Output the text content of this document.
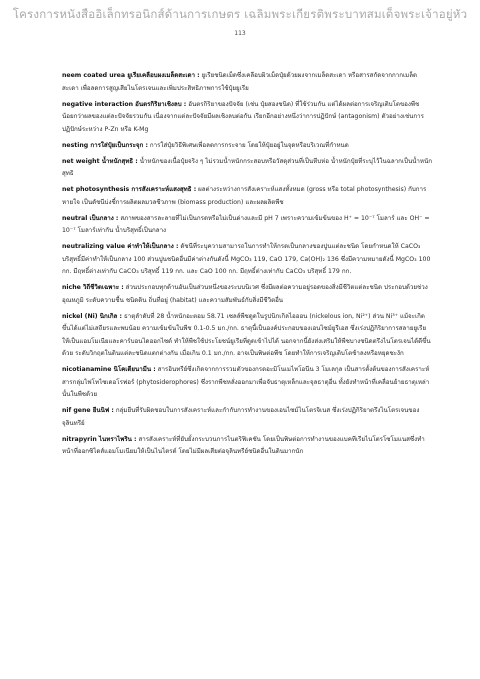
โครงการหนังสืออิเล็กทรอนิกส์ด้านการเกษตร เฉลิมพระเกียรติพระบาทสมเด็จพระเจ้าอยู่หัว
113

neem coated urea ยูเรียเคลือบผงเมล็ดสะเดา : ยูเรียชนิดเม็ดซึ่งเคลือบผิวเม็ดปุ๋ยด้วยผงจากเมล็ดสะเดา หรือสารสกัดจากกากเมล็ดสะเดา เพื่อลดการสูญเสียไนโตรเจนและเพิ่มประสิทธิภาพการใช้ปุ๋ยยูเรีย

negative interaction อันตรกิริยาเชิงลบ : อันตรกิริยาของปัจจัย (เช่น ปุ๋ยสองชนิด) ที่ใช้ร่วมกัน แต่ได้ผลต่อการเจริญเติบโตของพืช น้อยกว่าผลของแต่ละปัจจัยรวมกัน เนื่องจากแต่ละปัจจัยมีผลเชิงลบต่อกัน เรียกอีกอย่างหนึ่งว่าการปฏิปักษ์ (antagonism) ตัวอย่างเช่นการปฏิปักษ์ระหว่าง P-Zn หรือ K-Mg

nesting การใส่ปุ๋ยเป็นกระจุก : การใส่ปุ๋ยวิธีพิเศษเพื่อลดการกระจาย โดยให้ปุ๋ยอยู่ในจุดหรือบริเวณที่กำหนด

net weight น้ำหนักสุทธิ : น้ำหนักของเนื้อปุ๋ยจริง ๆ ไม่รวมน้ำหนักกระสอบหรือวัสดุส่วนที่เป็นหีบห่อ น้ำหนักปุ๋ยที่ระบุไว้ในฉลากเป็นน้ำหนักสุทธิ

net photosynthesis การสังเคราะห์แสงสุทธิ : ผลต่างระหว่างการสังเคราะห์แสงทั้งหมด (gross หรือ total photosynthesis) กับการหายใจ เป็นดัชนีบ่งชี้การผลิตผลมวลชีวภาพ (biomass production) และผลผลิตพืช

neutral เป็นกลาง : สภาพของสารละลายที่ไม่เป็นกรดหรือไม่เป็นด่างและมี pH 7 เพราะความเข้มข้นของ H⁺ = 10⁻⁷ โมลาร์ และ OH⁻ = 10⁻⁷ โมลาร์เท่ากัน น้ำบริสุทธิ์เป็นกลาง

neutralizing value ค่าทำให้เป็นกลาง : ดัชนีที่ระบุความสามารถในการทำให้กรดเป็นกลางของปูนแต่ละชนิด โดยกำหนดให้ CaCO₃ บริสุทธิ์มีค่าทำให้เป็นกลาง 100 ส่วนปูนชนิดอื่นมีค่าต่างกันดังนี้ MgCO₃ 119, CaO 179, Ca(OH)₂ 136 ซึ่งมีความหมายดังนี้ MgCO₃ 100 กก. มีฤทธิ์ต่างเท่ากับ CaCO₃ บริสุทธิ์ 119 กก. และ CaO 100 กก. มีฤทธิ์ต่างเท่ากับ CaCO₃ บริสุทธิ์ 179 กก.

niche วิถีชีวิตเฉพาะ : ส่วนประกอบทุกด้านอันเป็นส่วนหนึ่งของระบบนิเวศ ซึ่งมีผลต่อความอยู่รอดของสิ่งมีชีวิตแต่ละชนิด ประกอบด้วยช่วงอุณหภูมิ ระดับความชื้น ชนิดดิน ถิ่นที่อยู่ (habitat) และความสัมพันธ์กับสิ่งมีชีวิตอื่น

nickel (Ni) นิกเกิล : ธาตุลำดับที่ 28 น้ำหนักอะตอม 58.71 เซลล์พืชดูดในรูปนิกเกิลไอออน (nickelous ion, Ni²⁺) ส่วน Ni³⁺ แม้จะเกิดขึ้นได้แต่ไม่เสถียรและพบน้อย ความเข้มข้นในพืช 0.1-0.5 มก./กก. ธาตุนี้เป็นองค์ประกอบของเอนไซม์ยูรีเอส ซึ่งเร่งปฏิกิริยาการสลายยูเรียให้เป็นแอมโมเนียและคาร์บอนไดออกไซด์ ทำให้พืชใช้ประโยชน์ยูเรียที่ดูดเข้าไปได้ นอกจากนี้ยังส่งเสริมให้พืชบางชนิดตรึงไนโตรเจนได้ดีขึ้นด้วย ระดับวิกฤตในดินแต่ละชนิดแตกต่างกัน เมื่อเกิน 0.1 มก./กก. อาจเป็นพิษต่อพืช โดยทำให้การเจริญเติบโตช้าลงหรือหยุดชะงัก

nicotianamine นิโคเตียนามีน : สารอินทรีย์ซึ่งเกิดจากการรวมตัวของกรดอะมิโนเมไทโอนีน 3 โมเลกุล เป็นสารตั้งต้นของการสังเคราะห์สารกลุ่มไฟโทไซเดอโรฟอร์ (phytosiderophores) ซึ่งรากพืชหลั่งออกมาเพื่อจับธาตุเหล็กและจุลธาตุอื่น ทั้งยังทำหน้าที่เคลื่อนย้ายธาตุเหล่านั้นในพืชด้วย

nif gene ยีนนิฟ : กลุ่มยีนที่รับผิดชอบในการสังเคราะห์และกำกับการทำงานของเอนไซม์ไนโตรจิเนส ซึ่งเร่งปฏิกิริยาตรึงไนโตรเจนของจุลินทรีย์

nitrapyrin ไนทราไพริน : สารสังเคราะห์ที่ยับยั้งกระบวนการไนตริฟิเคชัน โดยเป็นพิษต่อการทำงานของแบคทีเรียไนโตรโซโมแนสซึ่งทำหน้าที่ออกซิไดส์แอมโมเนียมให้เป็นไนไตรต์ โดยไม่มีผลเสียต่อจุลินทรีย์ชนิดอื่นในดินมากนัก
